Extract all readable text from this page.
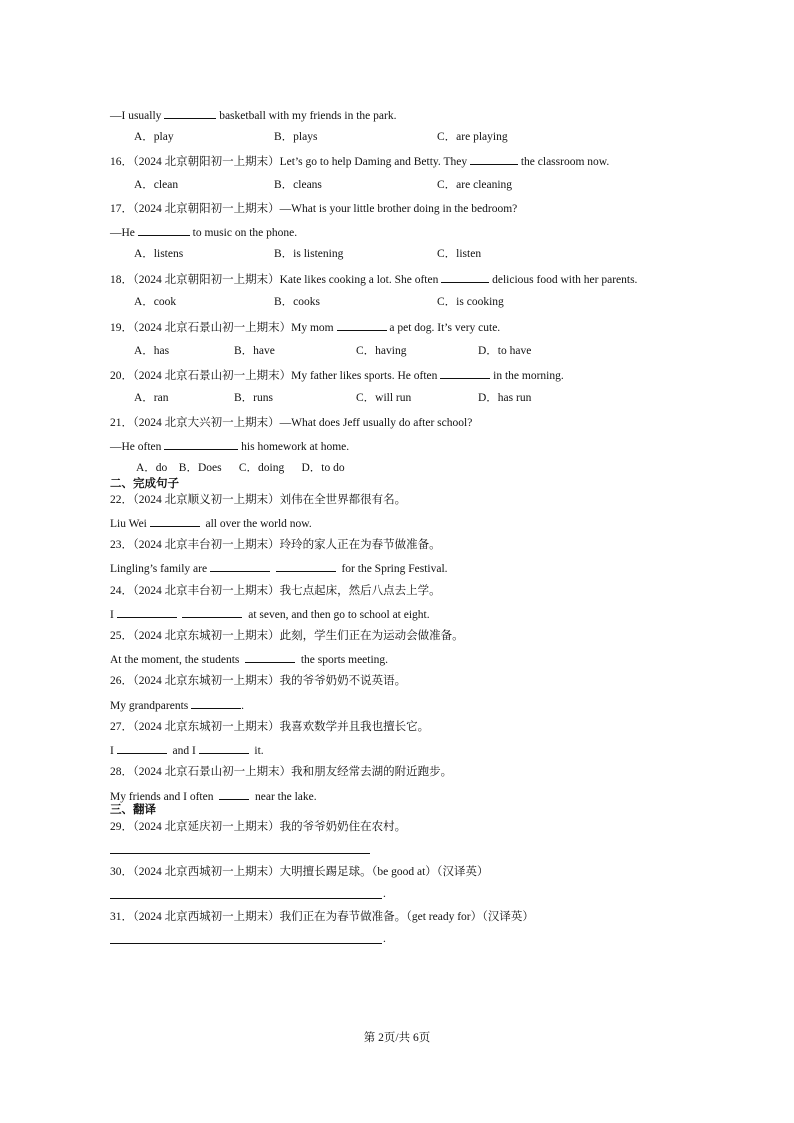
—I usually	basketball with my friends in the park.
A．play	B．plays	C．are playing
16．（2024 北京朝阳初一上期末）Let’s go to help Daming and Betty. They	the classroom now.
A．clean	B．cleans	C．are cleaning
17．（2024 北京朝阳初一上期末）—What is your little brother doing in the bedroom?
—He	to music on the phone.
A．listens	B．is listening	C．listen
18．（2024 北京朝阳初一上期末）Kate likes cooking a lot. She often	delicious food with her parents.
A．cook	B．cooks	C．is cooking
19．（2024 北京石景山初一上期末）My mom	a pet dog. It’s very cute.
A．has	B．have	C．having	D．to have
20．（2024 北京石景山初一上期末）My father likes sports. He often	in the morning.
A．ran	B．runs	C．will run	D．has run
21．（2024 北京大兴初一上期末）—What does Jeff usually do after school?
—He often	his homework at home.
A．do    B．Does      C．doing      D．to do
二、完成句子
22．（2024 北京顺义初一上期末）刘伟在全世界都很有名。
Liu Wei	all over the world now.
23．（2024 北京丰台初一上期末）玲玲的家人正在为春节做准备。
Lingling’s family are	for the Spring Festival.
24．（2024 北京丰台初一上期末）我七点起床，然后八点去上学。
I	at seven, and then go to school at eight.
25．（2024 北京东城初一上期末）此刻，学生们正在为运动会做准备。
At the moment, the students	the sports meeting.
26．（2024 北京东城初一上期末）我的爷爷奶奶不说英语。
My grandparents	.
27．（2024 北京东城初一上期末）我喜欢数学并且我也擅长它。
I	and I	it.
28．（2024 北京石景山初一上期末）我和朋友经常去湖的附近跑步。
My friends and I often	near the lake.
三、翻译
29．（2024 北京延庆初一上期末）我的爷爷奶奶住在农村。
30．（2024 北京西城初一上期末）大明擅长踢足球。（be good at）（汉译英）
.
31．（2024 北京西城初一上期末）我们正在为春节做准备。（get ready for）（汉译英）
.
第 2页/共 6页
